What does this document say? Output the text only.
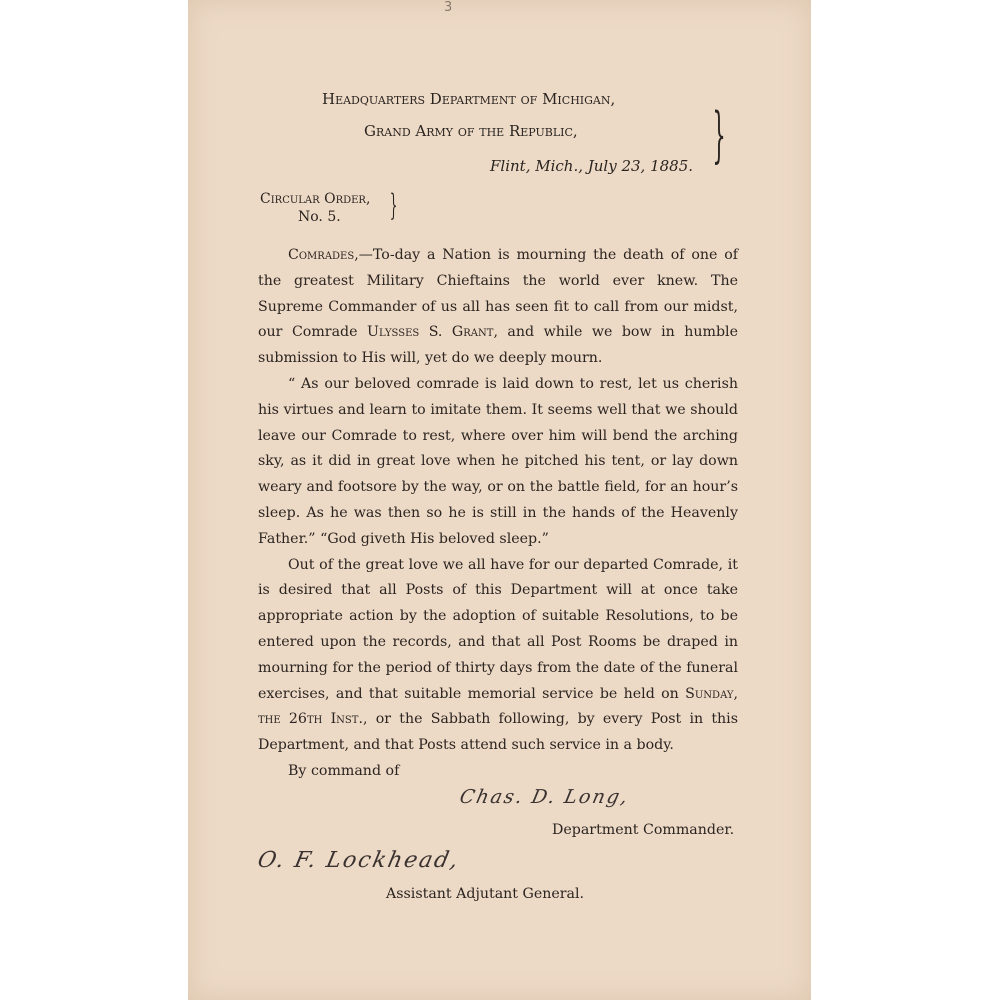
3
Headquarters Department of Michigan,
Grand Army of the Republic,
Flint, Mich., July 23, 1885. }
Circular Order,
No. 5.	}

Comrades,—To-day a Nation is mourning the death of one of the greatest Military Chieftains the world ever knew. The Supreme Commander of us all has seen fit to call from our midst, our Comrade Ulysses S. Grant, and while we bow in humble submission to His will, yet do we deeply mourn.

“ As our beloved comrade is laid down to rest, let us cherish his virtues and learn to imitate them. It seems well that we should leave our Comrade to rest, where over him will bend the arching sky, as it did in great love when he pitched his tent, or lay down weary and footsore by the way, or on the battle field, for an hour’s sleep. As he was then so he is still in the hands of the Heavenly Father.” “God giveth His beloved sleep.”

Out of the great love we all have for our departed Comrade, it is desired that all Posts of this Department will at once take appropriate action by the adoption of suitable Resolutions, to be entered upon the records, and that all Post Rooms be draped in mourning for the period of thirty days from the date of the funeral exercises, and that suitable memorial service be held on Sunday, the 26th Inst., or the Sabbath following, by every Post in this Department, and that Posts attend such service in a body.

By command of

Chas. D. Long,
Department Commander.
O. F. Lockhead,
Assistant Adjutant General.
